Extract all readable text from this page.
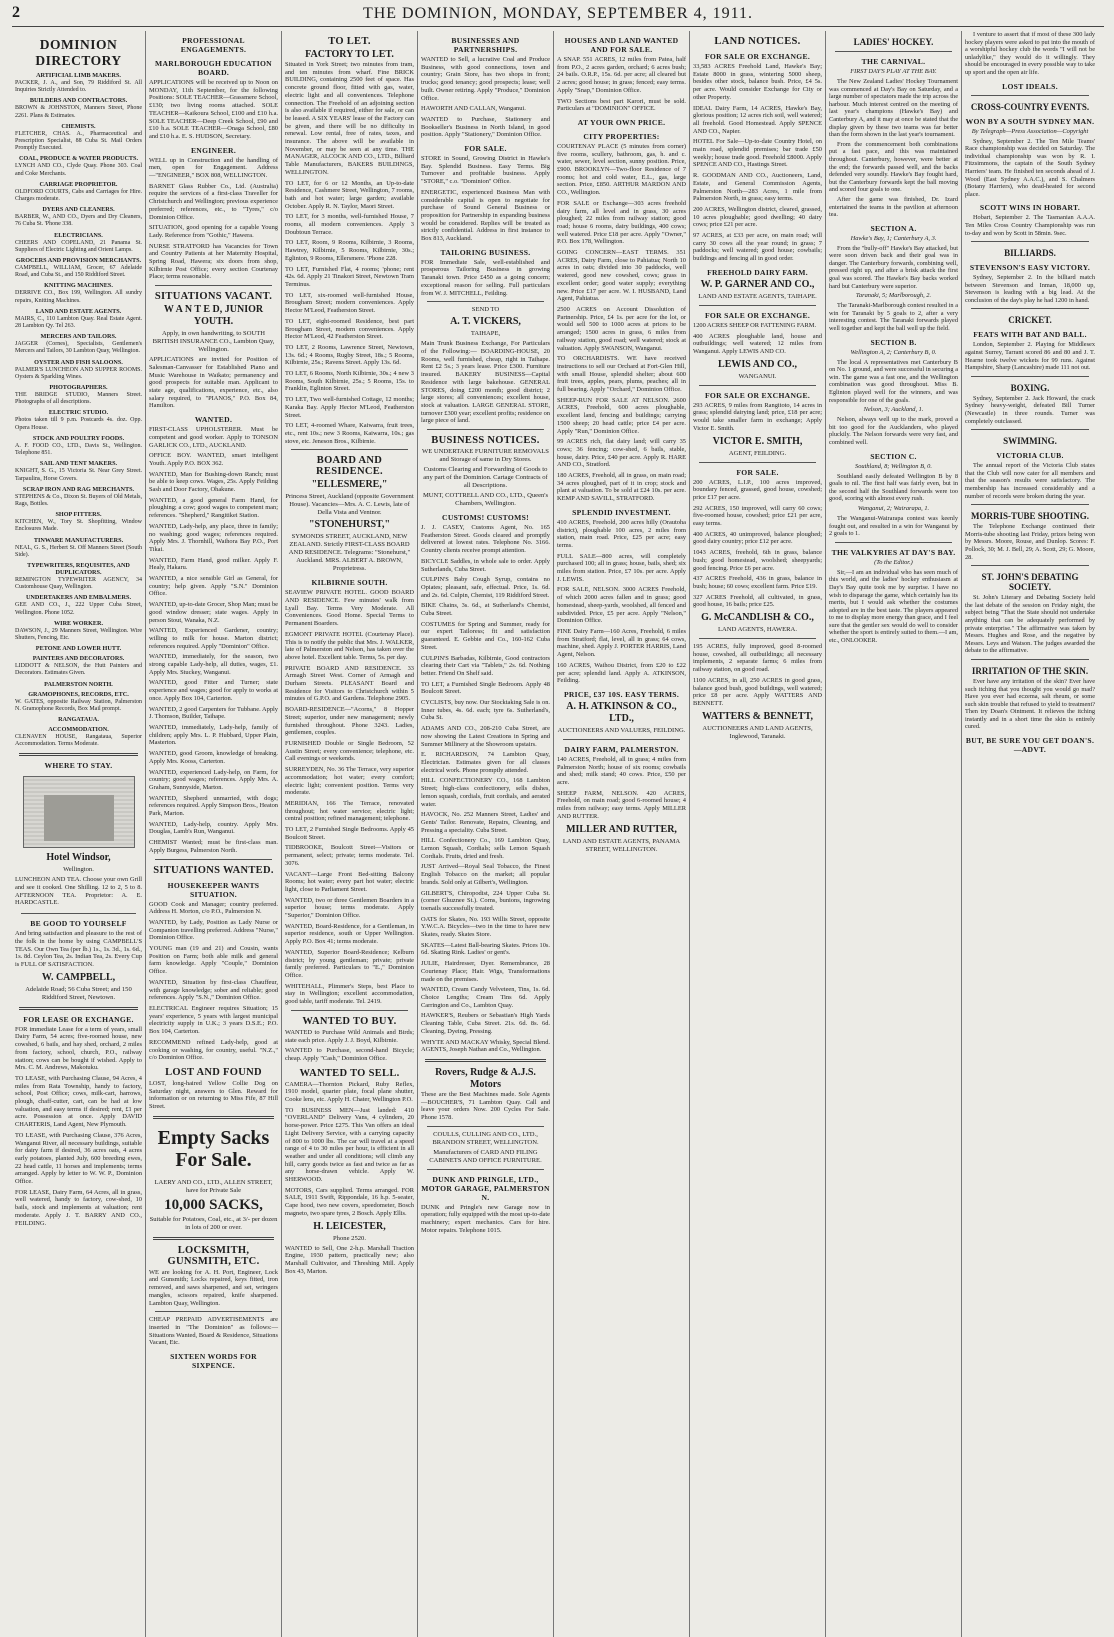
2	THE DOMINION, MONDAY, SEPTEMBER 4, 1911.
DOMINION DIRECTORY
ARTIFICIAL LIMB MAKERS.
PACKER, J. A., and Son, 79 Riddiford St. All Inquiries Strictly Attended to.
BUILDERS AND CONTRACTORS.
BROWN & JOHNSTON, Manners Street, Phone 2261. Plans & Estimates.
CHEMISTS.
FLETCHER, CHAS. A., Pharmaceutical and Prescription Specialist, 88 Cuba St. Mail Orders Promptly Executed.
COAL, PRODUCE & WATER PRODUCTS.
LYNCH AND CO., Clyde Quay. Phone 303. Coal and Coke Merchants.
CARRIAGE PROPRIETOR.
OLDFORD COURTS, Cabs and Carriages for Hire. Charges moderate.
DYERS AND CLEANERS.
BARBER, W., AND CO., Dyers and Dry Cleaners, 76 Cuba St. 'Phone 338.
ELECTRICIANS.
CHEERS AND COPELAND, 21 Panama St. Suppliers of Electric Lighting and Orient Lamps.
GROCERS AND PROVISION MERCHANTS.
CAMPBELL, WILLIAM, Grocer, 67 Adelaide Road, and Cuba St., and 150 Riddiford Street.
KNITTING MACHINES.
DERRIVE CO., Box 199, Wellington. All sundry repairs, Knitting Machines.
LAND AND ESTATE AGENTS.
MAIRS, C., 110 Lambton Quay. Real Estate Agent. 28 Lambton Qy. Tel 263.
MERCERS AND TAILORS.
JAGGER (Cornes), Specialists, Gentlemen's Mercers and Tailors, 30 Lambton Quay, Wellington.
OYSTER AND FISH SALOONS.
PALMER'S LUNCHEON AND SUPPER ROOMS. Oysters & Sparkling Wines.
PHOTOGRAPHERS.
THE BRIDGE STUDIO, Manners Street. Photographs of all descriptions.
ELECTRIC STUDIO.
Photos taken till 9 p.m. Postcards 4s. doz. Opp. Opera House.
STOCK AND POULTRY FOODS.
A. F. FOOD CO., LTD., Davis St., Wellington. Telephone 851.
SAIL AND TENT MAKERS.
KNIGHT, S. G., 15 Victoria St. Near Grey Street. Tarpaulins, Horse Covers.
SCRAP IRON AND RAG MERCHANTS.
STEPHENS & Co., Dixon St. Buyers of Old Metals, Rags, Bottles.
SHOP FITTERS.
KITCHEN, W., Tory St. Shopfitting, Window Enclosures Made.
TINWARE MANUFACTURERS.
NEAL, G. S., Herbert St. Off Manners Street (South Side).
TYPEWRITERS, REQUISITES, AND DUPLICATORS.
REMINGTON TYPEWRITER AGENCY, 34 Customhouse Quay, Wellington.
UNDERTAKERS AND EMBALMERS.
GEE AND CO., J., 222 Upper Cuba Street, Wellington. Phone 1052.
WIRE WORKER.
DAWSON, J., 29 Manners Street, Wellington. Wire Shutters, Fencing, Etc.
PETONE AND LOWER HUTT.
PAINTERS AND DECORATORS.
LIDDOTT & NELSON, the Hutt Painters and Decorators. Estimates Given.
PALMERSTON NORTH.
GRAMOPHONES, RECORDS, ETC.
W. GATES, opposite Railway Station, Palmerston N. Gramophone Records, Box Mail prompt.
RANGATAUA.
ACCOMMODATION.
CLENAVEN HOUSE, Rangataua, Superior Accommodation. Terms Moderate.
WHERE TO STAY.
Hotel Windsor,
Wellington.
LUNCHEON AND TEA. Choose your own Grill and see it cooked. One Shilling. 12 to 2, 5 to 8. AFTERNOON TEA. Proprietor: A. E. HARDCASTLE.
BE GOOD TO YOURSELF
And bring satisfaction and pleasure to the rest of the folk in the home by using CAMPBELL'S TEAS. Our Own Tea (per lb.) 1s., 1s. 3d., 1s. 6d., 1s. 8d. Ceylon Tea, 2s. Indian Tea, 2s. Every Cup is FULL OF SATISFACTION.
W. CAMPBELL,
Adelaide Road; 56 Cuba Street; and 150 Riddiford Street, Newtown.
FOR LEASE OR EXCHANGE.

FOR immediate Lease for a term of years, small Dairy Farm, 54 acres; five-roomed house, new cowshed, 6 bails, and hay shed, orchard, 2 miles from factory, school, church, P.O., railway station; cows can be bought if wished. Apply to Mrs. C. M. Andrews, Makotuku.

TO LEASE, with Purchasing Clause, 94 Acres, 4 miles from Rata Township, handy to factory, school, Post Office; cows, milk-cart, harrows, plough, chaff-cutter, cart, can be had at low valuation, and easy terms if desired; rent, £1 per acre. Possession at once. Apply DAVID CHARTERIS, Land Agent, New Plymouth.

TO LEASE, with Purchasing Clause, 376 Acres, Wanganui River, all necessary buildings, suitable for dairy farm if desired, 36 acres oats, 4 acres early potatoes, planted July, 600 breeding ewes, 22 head cattle, 11 horses and implements; terms arranged. Apply by letter to W. W. P., Dominion Office.

FOR LEASE, Dairy Farm, 64 Acres, all in grass, well watered, handy to factory, cow-shed, 10 bails, stock and implements at valuation; rent moderate. Apply J. T. BARRY AND CO., FEILDING.

PROFESSIONAL ENGAGEMENTS.
MARLBOROUGH EDUCATION BOARD.

APPLICATIONS will be received up to Noon on MONDAY, 11th September, for the following Positions: SOLE TEACHER—Grassmere School, £130; two living rooms attached. SOLE TEACHER—Kaikoura School, £100 and £10 h.a. SOLE TEACHER—Deep Creek School, £90 and £10 h.a. SOLE TEACHER—Onaga School, £80 and £10 h.a. E. S. HUDSON, Secretary.

ENGINEER.

WELL up in Construction and the handling of men, open for Engagement. Address—"ENGINEER," BOX 808, WELLINGTON.

BARNET Glass Rubber Co., Ltd. (Australia) require the services of a first-class Traveller for Christchurch and Wellington; previous experience preferred; references, etc., to "Tyres," c/o Dominion Office.

SITUATION, good opening for a capable Young Lady. Reference from "Gothic," Hawera.

NURSE STRATFORD has Vacancies for Town and Country Patients at her Maternity Hospital, Spring Road, Hawera; six doors from shop, Kilbirnie Post Office; every section Courtenay Place; terms reasonable.

SITUATIONS VACANT.
W A N T E D, JUNIOR YOUTH.

Apply, in own handwriting, to SOUTH BRITISH INSURANCE CO., Lambton Quay, Wellington.

APPLICATIONS are invited for Position of Salesman-Canvasser for Established Piano and Music Warehouse in Waikato; permanency and good prospects for suitable man. Applicant to state age, qualifications, experience, etc., also salary required, to "PIANOS," P.O. Box 84, Hamilton.

WANTED.

FIRST-CLASS UPHOLSTERER. Must be competent and good worker. Apply to TONSON GARLICK CO., LTD., AUCKLAND.

OFFICE BOY. WANTED, smart intelligent Youth. Apply P.O. BOX 362.

WANTED, Man for Bushing-down Ranch; must be able to keep cows. Wages, 25s. Apply Feilding Sash and Door Factory, Ohakune.

WANTED, a good general Farm Hand, for ploughing; a cow; good wages to competent man; references. "Shepherd," Rangitikei Station.

WANTED, Lady-help, any place, three in family; no washing; good wages; references required. Apply Mrs. J. Thornhill, Waihora Bay P.O., Port Tikai.

WANTED, Farm Hand, good milker. Apply F. Healy, Hakaru.

WANTED, a nice sensible Girl as General, for country; help given. Apply "S.N." Dominion Office.

WANTED, up-to-date Grocer, Shop Man; must be good window dresser; state wages. Apply in person Stout, Wanaka, N.Z.

WANTED, Experienced Gardener, country; willing to milk for house. Marton district; references required. Apply "Dominion" Office.

WANTED, immediately, for the season, two strong capable Lady-help, all duties, wages, £1. Apply Mrs. Stuckey, Wanganui.

WANTED, good Fitter and Turner; state experience and wages; good for apply to works at once. Apply Box 104, Carterton.

WANTED, 2 good Carpenters for Tubbane. Apply J. Thomson, Builder, Taihape.

WANTED, immediately, Lady-help, family of children; apply Mrs. L. P. Hubbard, Upper Plain, Masterton.

WANTED, good Groom, knowledge of breaking. Apply Mrs. Kooss, Carterton.

WANTED, experienced Lady-help, on Farm, for country; good wages; references. Apply Mrs. A. Graham, Sunnyside, Marton.

WANTED, Shepherd unmarried, with dogs; references required. Apply Simpson Bros., Heaton Park, Marton.

WANTED, Lady-help, country. Apply Mrs. Douglas, Lamb's Run, Wanganui.

CHEMIST Wanted; must be first-class man. Apply Burgess, Palmerston North.

SITUATIONS WANTED.
HOUSEKEEPER WANTS SITUATION.

GOOD Cook and Manager; country preferred. Address H. Morton, c/o P.O., Palmerston N.

WANTED, by Lady, Position as Lady Nurse or Companion travelling preferred. Address "Nurse," Dominion Office.

YOUNG man (19 and 21) and Cousin, wants Position on Farm; both able milk and general farm knowledge. Apply "Couple," Dominion Office.

WANTED, Situation by first-class Chauffeur, with garage knowledge; sober and reliable; good references. Apply "S.N.," Dominion Office.

ELECTRICAL Engineer requires Situation; 15 years' experience, 5 years with largest municipal electricity supply in U.K.; 3 years D.S.E.; P.O. Box 104, Carterton.

RECOMMEND refined Lady-help, good at cooking or washing, for country, useful. "N.Z.," c/o Dominion Office.

LOST AND FOUND

LOST, long-haired Yellow Collie Dog on Saturday night, answers to Glen. Reward for information or on returning to Miss Fife, 87 Hill Street.

Empty Sacks For Sale.

LAERY AND CO., LTD., ALLEN STREET, have for Private Sale

10,000 SACKS,

Suitable for Potatoes, Coal, etc., at 3/- per dozen in lots of 200 or over.

LOCKSMITH, GUNSMITH, ETC.

WE are looking for A. H. Port, Engineer, Lock and Gunsmith; Locks repaired, keys fitted, iron removed, and saws sharpened, and set, wringers mangles, scissors repaired, knife sharpened. Lambton Quay, Wellington.

CHEAP PREPAID ADVERTISEMENTS are inserted in "The Dominion" as follows:— Situations Wanted, Board & Residence, Situations Vacant, Etc.

SIXTEEN WORDS FOR SIXPENCE.
TO LET.
FACTORY TO LET.

Situated in York Street; two minutes from tram, and ten minutes from wharf. Fine BRICK BUILDING, containing 2500 feet of space. Has concrete ground floor, fitted with gas, water, electric light and all conveniences. Telephone connection. The Freehold of an adjoining section is also available if required, either for sale, or can be leased. A SIX YEARS' lease of the Factory can be given, and there will be no difficulty in renewal. Low rental, free of rates, taxes, and insurance. The above will be available in November, or may be seen at any time. THE MANAGER, ALCOCK AND CO., LTD., Billiard Table Manufacturers, BAKERS BUILDINGS, WELLINGTON.

TO LET, for 6 or 12 Months, an Up-to-date Residence, Cashmere Street, Wellington, 7 rooms, bath and hot water; large garden; available October. Apply R. N. Taylor, Maori Street.

TO LET, for 3 months, well-furnished House, 7 rooms, all modern conveniences. Apply 3 Doubtoun Terrace.

TO LET, Room, 9 Rooms, Kilbirnie, 3 Rooms, Hawtrey, Kilbirnie, 5 Rooms, Kilbirnie, 30s.; Eglinton, 9 Rooms, Ellersmere. 'Phone 228.

TO LET, Furnished Flat, 4 rooms; 'phone; rent 42s. 6d. Apply 21 Tinakori Street, Newtown Tram Terminus.

TO LET, six-roomed well-furnished House, Brougham Street; modern conveniences. Apply Hector M'Leod, Featherston Street.

TO LET, eight-roomed Residence, best part Brougham Street, modern conveniences. Apply Hector M'Leod, 42 Featherston Street.

TO LET, 2 Rooms, Lawrence Street, Newtown, 13s. 6d.; 4 Rooms, Rugby Street, 18s.; 5 Rooms, Kilbirnie, 25s.; Ravens Street. Apply 13s. 6d.

TO LET, 6 Rooms, North Kilbirnie, 30s.; 4 new 3 Rooms, South Kilbirnie, 25s.; 5 Rooms, 15s. to Franklin, Eglinton Street.

TO LET, Two well-furnished Cottage, 12 months; Karaka Bay. Apply Hector M'Leod, Featherston Street.

TO LET, 4-roomed Whare, Kaiwarra, fruit trees, etc., rent 10s.; new 3 Rooms, Kaiwarra, 10s.; gas stove, etc. Jeneson Bros., Kilbirnie.

BOARD AND RESIDENCE.
"ELLESMERE,"

Princess Street, Auckland (opposite Government House). Vacancies—Mrs. A. C. Lewis, late of Della Vista and Ventnor.

"STONEHURST,"

SYMONDS STREET, AUCKLAND, NEW ZEALAND. Strictly FIRST-CLASS BOARD AND RESIDENCE. Telegrams: "Stonehurst," Auckland. MRS. ALBERT A. BROWN, Proprietress.

KILBIRNIE SOUTH.

SEAVIEW PRIVATE HOTEL. GOOD BOARD AND RESIDENCE. Few minutes' walk from Lyall Bay. Terms Very Moderate. All Conveniences. Good Home. Special Terms to Permanent Boarders.

EGMONT PRIVATE HOTEL (Courtenay Place). This is to notify the public that Mrs. J. WALKER, late of Palmerston and Nelson, has taken over the above hotel. Excellent table. Terms, 5s. per day.

PRIVATE BOARD AND RESIDENCE. 33 Armagh Street West. Corner of Armagh and Durham Streets. PLEASANT Board and Residence for Visitors to Christchurch within 5 minutes of G.P.O. and Gardens. Telephone 2905.

BOARD-RESIDENCE—"Acorns," 8 Hopper Street; superior, under new management; newly furnished throughout. Phone 3243. Ladies, gentlemen, couples.

FURNISHED Double or Single Bedroom, 52 Austin Street; every convenience; telephone, etc. Call evenings or weekends.

SURREYDEN, No. 36 The Terrace, very superior accommodation; hot water; every comfort; electric light; convenient position. Terms very moderate.

MERIDIAN, 166 The Terrace, renovated throughout; hot water service; electric light; central position; refined management; telephone.

TO LET, 2 Furnished Single Bedrooms. Apply 45 Boulcott Street.

TIDBROOKE, Boulcott Street—Visitors or permanent, select; private; terms moderate. Tel. 3076.

VACANT—Large Front Bed-sitting Balcony Rooms; hot water; every part hot water; electric light, close to Parliament Street.

WANTED, two or three Gentlemen Boarders in a superior house; terms moderate. Apply "Superior," Dominion Office.

WANTED, Board-Residence, for a Gentleman, in superior residence, south or Upper Wellington. Apply P.O. Box 41; terms moderate.

WANTED, Superior Board-Residence; Kelburn district; by young gentleman; private; private family preferred. Particulars to "E.," Dominion Office.

WHITEHALL, Plimmer's Steps, best Place to stay in Wellington; excellent accommodation, good table, tariff moderate. Tel. 2419.

WANTED TO BUY.

WANTED to Purchase Wild Animals and Birds; state each price. Apply J. J. Boyd, Kilbirnie.

WANTED to Purchase, second-hand Bicycle; cheap. Apply "Cash," Dominion Office.

WANTED TO SELL.

CAMERA—Thornton Pickard, Ruby Reflex, 1910 model, quarter plate, focal plane shutter, Cooke lens, etc. Apply H. Chater, Wellington P.O.

TO BUSINESS MEN—Just landed: 410 "OVERLAND" Delivery Vans, 4 cylinders, 20 horse-power. Price £275. This Van offers an ideal Light Delivery Service, with a carrying capacity of 800 to 1000 lbs. The car will travel at a speed range of 4 to 30 miles per hour, is efficient in all weather and under all conditions; will climb any hill, carry goods twice as fast and twice as far as any horse-drawn vehicle. Apply W. SHERWOOD.

MOTORS, Cars supplied. Terms arranged. FOR SALE, 1911 Swift, Rippondale, 16 h.p. 5-seater, Cape hood, two new covers, speedometer, Bosch magneto, two spare tyres, 2 Bosch. Apply Ellis.

H. LEICESTER,

Phone 2520.

WANTED to Sell, One 2-h.p. Marshall Traction Engine, 1930 pattern, practically new; also Marshall Cultivator, and Threshing Mill. Apply Box 43, Marton.

BUSINESSES AND PARTNERSHIPS.

WANTED to Sell, a lucrative Coal and Produce Business, with good connections, town and country; Grain Store, has two shops in front; trucks; good tenancy; good prospects; lease; well built. Owner retiring. Apply "Produce," Dominion Office.

HAWORTH AND CALLAN, Wanganui.

WANTED to Purchase, Stationery and Bookseller's Business in North Island, in good position. Apply "Stationery," Dominion Office.

FOR SALE.

STORE in Sound, Growing District in Hawke's Bay. Splendid Business. Easy Terms. Big Turnover and profitable business. Apply "STORE," c.o. "Dominion" Office.

ENERGETIC, experienced Business Man with considerable capital is open to negotiate for purchase of Sound General Business or proposition for Partnership in expanding business would be considered. Replies will be treated as strictly confidential. Address in first instance to Box 813, Auckland.

TAILORING BUSINESS.

FOR Immediate Sale, well-established and prosperous Tailoring Business in growing Taranaki town. Price £450 as a going concern; exceptional reason for selling. Full particulars from W. J. MITCHELL, Feilding.

SEND TO
A. T. VICKERS,
TAIHAPE,

Main Trunk Business Exchange, For Particulars of the Following:— BOARDING-HOUSE, 20 Rooms, well furnished, cheap, right in Taihape. Rent £2 5s.; 3 years lease. Price £300. Furniture insured. BAKERY BUSINESS—Capital Residence with large bakehouse. GENERAL STORES, doing £200 month; good district; 2 large stores; all conveniences; excellent house, stock at valuation. LARGE GENERAL STORE, turnover £300 year; excellent profits; residence on large piece of land.

BUSINESS NOTICES.

WE UNDERTAKE FURNITURE REMOVALS and Storage of same in Dry Stores.

Customs Clearing and Forwarding of Goods to any part of the Dominion. Cartage Contracts of all Descriptions.

MUNT, COTTRELL AND CO., LTD., Queen's Chambers, Wellington.

CUSTOMS! CUSTOMS!

J. J. CASEY, Customs Agent, No. 165 Featherston Street. Goods cleared and promptly delivered at lowest rates. Telephone No. 3166. Country clients receive prompt attention.

BICYCLE Saddles, in whole sale to order. Apply Sutherlands, Cuba Street.

CULPIN'S Baby Cough Syrup, contains no Opiates; pleasant, safe, effectual. Price, 1s. 6d. and 2s. 6d. Culpin, Chemist, 119 Riddiford Street.

BIKE Chains, 3s. 6d., at Sutherland's Chemist, Cuba Street.

COSTUMES for Spring and Summer, ready for our expert Tailoress; fit and satisfaction guaranteed. E. Gebbie and Co., 160-162 Cuba Street.

CULPIN'S Barbadas, Kilbirnie, Good contractors clearing their Cart via "Tablets," 2s. 6d. Nothing better. Friend On Shelf said.

TO LET, a Furnished Single Bedroom. Apply 48 Boulcott Street.

CYCLISTS, buy now. Our Stocktaking Sale is on. Inner tubes, 4s. 6d. each; tyre 6s. Sutherland's, Cuba St.

ADAMS AND CO., 208-210 Cuba Street, are now showing the Latest Creations in Spring and Summer Millinery at the Showroom upstairs.

E. RICHARDSON, 74 Lambton Quay, Electrician. Estimates given for all classes electrical work. Phone promptly attended.

HILL CONFECTIONERY CO., 168 Lambton Street; high-class confectionery, sells dishes, lemon squash, cordials, fruit cordials, and aerated water.

HAVOCK, No. 252 Manners Street, Ladies' and Gents' Tailor. Renovate, Repairs, Cleaning, and Pressing a speciality. Cuba Street.

HILL Confectionery Co., 169 Lambton Quay, Lemon Squash, Cordials; sells Lemon Squash Cordials. Fruits, dried and fresh.

JUST Arrived—Royal Seal Tobacco, the Finest English Tobacco on the market; all popular brands. Sold only at Gilbert's, Wellington.

GILBERT'S, Chiropodist, 224 Upper Cuba St. (corner Ghuznee St.). Corns, bunions, ingrowing toenails successfully treated.

OATS for Skates, No. 193 Willis Street, opposite Y.W.C.A. Bicycles—two in the time to have new Skates, ready. Skates Store.

SKATES—Latest Ball-bearing Skates. Prices 10s. 6d. Skating Rink. Ladies' or gent's.

JULIE, Hairdresser, Dyer. Remembrance, 28 Courtenay Place; Hair. Wigs, Transformations made on the premises.

WANTED, Cream Candy Velveteen, Tins, 1s. 6d. Choice Lengths; Cream Tins 6d. Apply Carrington and Co., Lambton Quay.

HAWKER'S, Reubers or Sebastian's High Yards Cleaning Table, Cuba Street. 21s. 6d. 8s. 6d. Cleaning, Dyeing, Pressing.

WHYTE AND MACKAY Whisky, Special Blend. AGENTS, Joseph Nathan and Co., Wellington.

Rovers, Rudge & A.J.S. Motors

These are the Best Machines made. Sole Agents—BOUCHER'S, 71 Lambton Quay. Call and leave your orders Now. 200 Cycles For Sale. Phone 1578.

COULLS, CULLING AND CO., LTD., BRANDON STREET, WELLINGTON.

Manufacturers of CARD AND FILING CABINETS AND OFFICE FURNITURE.

DUNK AND PRINGLE, LTD., MOTOR GARAGE, PALMERSTON N.

DUNK and Pringle's new Garage now in operation; fully equipped with the most up-to-date machinery; expert mechanics. Cars for hire. Motor repairs. Telephone 1015.

HOUSES AND LAND WANTED AND FOR SALE.

A SNAP. 551 ACRES, 12 miles from Patea, half from P.O., 2 acres garden, orchard; 6 acres bush; 24 bails. O.R.P., 15s. 6d. per acre; all cleared but 2 acres; good house; in grass; fenced; easy terms. Apply "Snap," Dominion Office.

TWO Sections best part Karori, must be sold. Particulars at "DOMINION" OFFICE.

AT YOUR OWN PRICE.
CITY PROPERTIES:

COURTENAY PLACE (5 minutes from corner) five rooms, scullery, bathroom, gas, h. and c. water, sewer, level section, sunny position. Price, £900. BROOKLYN—Two-floor Residence of 7 rooms; hot and cold water, E.L., gas, large section. Price, £850. ARTHUR MARDON AND CO., Wellington.

FOR SALE or Exchange—303 acres freehold dairy farm, all level and in grass, 30 acres ploughed; 22 miles from railway station; good road; house 6 rooms, dairy buildings, 400 cows; well watered. Price £18 per acre. Apply "Owner," P.O. Box 178, Wellington.

GOING CONCERN—EAST TERMS. 351 ACRES, Dairy Farm, close to Pahiatua; North 10 acres in oats; divided into 30 paddocks, well watered, good new cowshed, cows; grass in excellent order; good water supply; everything new. Price £17 per acre. W. I. HUSBAND, Land Agent, Pahiatua.

2500 ACRES on Account Dissolution of Partnership. Price, £4 1s. per acre for the lot, or would sell 500 to 1000 acres at prices to be arranged; 1500 acres in grass, 6 miles from railway station, good road; well watered; stock at valuation. Apply SWANSON, Wanganui.

TO ORCHARDISTS. WE have received instructions to sell our Orchard at Fort-Glen Hill, with small House, splendid shelter; about 600 fruit trees, apples, pears, plums, peaches; all in full bearing. Apply "Orchard," Dominion Office.

SHEEP-RUN FOR SALE AT NELSON. 2600 ACRES, Freehold, 600 acres ploughable, excellent land, fencing and buildings; carrying 1500 sheep; 20 head cattle; price £4 per acre. Apply "Run," Dominion Office.

99 ACRES rich, flat dairy land; will carry 35 cows; 36 fencing; cow-shed, 6 bails, stable, house, dairy. Price, £40 per acre. Apply R. HARE AND CO., Stratford.

180 ACRES, Freehold, all in grass, on main road; 34 acres ploughed, part of it in crop; stock and plant at valuation. To be sold at £24 10s. per acre. KEMP AND SAVILL, STRATFORD.

SPLENDID INVESTMENT.

410 ACRES, Freehold, 200 acres hilly (Orautoha district), ploughable 100 acres, 2 miles from station, main road. Price, £25 per acre; easy terms.

FULL SALE—800 acres, will completely purchased 100; all in grass; house, bails, shed; six miles from station. Price, £7 10s. per acre. Apply J. LEWIS.

FOR SALE, NELSON. 3000 ACRES Freehold, of which 2000 acres fallen and in grass; good homestead, sheep-yards, woolshed, all fenced and subdivided. Price, £5 per acre. Apply "Nelson," Dominion Office.

FINE Dairy Farm—160 Acres, Freehold, 6 miles from Stratford; flat, level, all in grass; 64 cows, machine, shed. Apply J. PORTER HARRIS, Land Agent, Nelson.

160 ACRES, Waihou District, from £20 to £22 per acre; splendid land. Apply A. ATKINSON, Feilding.

PRICE, £37 10S. EASY TERMS.
A. H. ATKINSON & CO., LTD.,
AUCTIONEERS AND VALUERS, FEILDING.
DAIRY FARM, PALMERSTON.

140 ACRES, Freehold, all in grass; 4 miles from Palmerston North; house of six rooms; cowbails and shed; milk stand; 40 cows. Price, £50 per acre.

SHEEP FARM, NELSON. 420 ACRES, Freehold, on main road; good 6-roomed house; 4 miles from railway; easy terms. Apply MILLER AND RUTTER.

MILLER AND RUTTER,
LAND AND ESTATE AGENTS, PANAMA STREET, WELLINGTON.
LAND NOTICES.
FOR SALE OR EXCHANGE.

33,583 ACRES Freehold Land, Hawke's Bay; Estate 8000 in grass, wintering 5000 sheep, besides other stock, balance bush. Price, £4 5s. per acre. Would consider Exchange for City or other Property.

IDEAL Dairy Farm, 14 ACRES, Hawke's Bay, glorious position; 12 acres rich soil, well watered; all freehold. Good Homestead. Apply SPENCE AND CO., Napier.

HOTEL For Sale—Up-to-date Country Hotel, on main road, splendid premises; bar trade £50 weekly; house trade good. Freehold £8000. Apply SPENCE AND CO., Hastings Street.

R. GOODMAN AND CO., Auctioneers, Land, Estate, and General Commission Agents, Palmerston North—283 Acres, 1 mile from Palmerston North, in grass; easy terms.

200 ACRES, Wellington district, cleared, grassed, 10 acres ploughable; good dwelling; 40 dairy cows; price £21 per acre.

97 ACRES, at £33 per acre, on main road; will carry 30 cows all the year round; in grass; 7 paddocks; well watered; good house; cowbails; buildings and fencing all in good order.

FREEHOLD DAIRY FARM.
W. P. GARNER AND CO.,
LAND AND ESTATE AGENTS, TAIHAPE.
FOR SALE OR EXCHANGE.

1200 ACRES SHEEP OR FATTENING FARM.

400 ACRES ploughable land, house and outbuildings; well watered; 12 miles from Wanganui. Apply LEWIS AND CO.

LEWIS AND CO.,
WANGANUI.
FOR SALE OR EXCHANGE.

293 ACRES, 9 miles from Rangitoto, 14 acres in grass; splendid dairying land; price, £18 per acre; would take smaller farm in exchange; Apply Victor E. Smith.

VICTOR E. SMITH,
AGENT, FEILDING.
FOR SALE.

200 ACRES, L.I.P., 100 acres improved, boundary fenced, grassed, good house, cowshed; price £17 per acre.

292 ACRES, 150 improved, will carry 60 cows; five-roomed house, cowshed; price £21 per acre, easy terms.

400 ACRES, 40 unimproved, balance ploughed; good dairy country; price £12 per acre.

1043 ACRES, freehold, 6th in grass, balance bush; good homestead, woolshed; sheepyards; good fencing. Price £6 per acre.

437 ACRES Freehold, 436 in grass, balance in bush; house; 60 cows; excellent farm. Price £19.

327 ACRES Freehold, all cultivated, in grass, good house, 16 bails; price £25.

G. McCANDLISH & CO.,
LAND AGENTS, HAWERA.

195 ACRES, fully improved, good 8-roomed house, cowshed, all outbuildings; all necessary implements, 2 separate farms; 6 miles from railway station, on good road.

1100 ACRES, in all, 250 ACRES in good grass, balance good bush, good buildings, well watered; price £8 per acre. Apply WATTERS AND BENNETT.

WATTERS & BENNETT,
AUCTIONEERS AND LAND AGENTS, Inglewood, Taranaki.
LADIES' HOCKEY.
THE CARNIVAL.
FIRST DAY'S PLAY AT THE BAY.

The New Zealand Ladies' Hockey Tournament was commenced at Day's Bay on Saturday, and a large number of spectators made the trip across the harbour. Much interest centred on the meeting of last year's champions (Hawke's Bay) and Canterbury A, and it may at once be stated that the display given by these two teams was far better than the form shown in the last year's tournament.

From the commencement both combinations put a fast pace, and this was maintained throughout. Canterbury, however, were better at the end; the forwards passed well, and the backs defended very soundly. Hawke's Bay fought hard, but the Canterbury forwards kept the ball moving and scored four goals to one.

After the game was finished, Dr. Izard entertained the teams in the pavilion at afternoon tea.

SECTION A.
Hawke's Bay, 1; Canterbury A, 3.

From the "bully-off" Hawke's Bay attacked, but were soon driven back and their goal was in danger. The Canterbury forwards, combining well, pressed right up, and after a brisk attack the first goal was scored. The Hawke's Bay backs worked hard but Canterbury were superior.

Taranaki, 5; Marlborough, 2.

The Taranaki-Marlborough contest resulted in a win for Taranaki by 5 goals to 2, after a very interesting contest. The Taranaki forwards played well together and kept the ball well up the field.

SECTION B.
Wellington A, 2; Canterbury B, 0.

The local A representatives met Canterbury B on No. 1 ground, and were successful in securing a win. The game was a fast one, and the Wellington combination was good throughout. Miss B. Eglinton played well for the winners, and was responsible for one of the goals.

Nelson, 3; Auckland, 1.

Nelson, always well up to the mark, proved a bit too good for the Aucklanders, who played pluckily. The Nelson forwards were very fast, and combined well.

SECTION C.
Southland, 8; Wellington B, 0.

Southland easily defeated Wellington B by 8 goals to nil. The first half was fairly even, but in the second half the Southland forwards were too good, scoring with almost every rush.

Wanganui, 2; Wairarapa, 1.

The Wanganui-Wairarapa contest was keenly fought out, and resulted in a win for Wanganui by 2 goals to 1.

THE VALKYRIES AT DAY'S BAY.
(To the Editor.)

Sir,—I am an individual who has seen much of this world, and the ladies' hockey enthusiasm at Day's Bay quite took me by surprise. I have no wish to disparage the game, which certainly has its merits, but I would ask whether the costumes adopted are in the best taste. The players appeared to me to display more energy than grace, and I feel sure that the gentler sex would do well to consider whether the sport is entirely suited to them.—I am, etc., ONLOOKER.

I venture to assert that if most of these 300 lady hockey players were asked to put into the mouth of a worshipful hockey club the words "I will not be unladylike," they would do it willingly. They should be encouraged in every possible way to take up sport and the open air life.

LOST IDEALS.
CROSS-COUNTRY EVENTS.
WON BY A SOUTH SYDNEY MAN.
By Telegraph—Press Association—Copyright

Sydney, September 2. The Ten Mile Teams' Race championship was decided on Saturday. The individual championship was won by R. I. Fitzsimmons, the captain of the South Sydney Harriers' team. He finished ten seconds ahead of J. Wood (East Sydney A.A.C.), and S. Chalmers (Botany Harriers), who dead-heated for second place.

SCOTT WINS IN HOBART.

Hobart, September 2. The Tasmanian A.A.A. Ten Miles Cross Country Championship was run to-day and won by Scott in 58min. 9sec.

BILLIARDS.
STEVENSON'S EASY VICTORY.

Sydney, September 2. In the billiard match between Stevenson and Inman, 18,000 up, Stevenson is leading with a big lead. At the conclusion of the day's play he had 1200 in hand.

CRICKET.
FEATS WITH BAT AND BALL.

London, September 2. Playing for Middlesex against Surrey, Tarrant scored 86 and 80 and J. T. Hearne took twelve wickets for 99 runs. Against Hampshire, Sharp (Lancashire) made 111 not out.

BOXING.

Sydney, September 2. Jack Howard, the crack Sydney heavy-weight, defeated Bill Turner (Newcastle) in three rounds. Turner was completely outclassed.

SWIMMING.
VICTORIA CLUB.

The annual report of the Victoria Club states that the Club will now cater for all members and that the season's results were satisfactory. The membership has increased considerably and a number of records were broken during the year.

MORRIS-TUBE SHOOTING.

The Telephone Exchange continued their Morris-tube shooting last Friday, prizes being won by Messrs. Moore, Rouse, and Dunlop. Scores: F. Pollock, 30; M. J. Bell, 29; A. Scott, 29; G. Moore, 28.

ST. JOHN'S DEBATING SOCIETY.

St. John's Literary and Debating Society held the last debate of the session on Friday night, the subject being "That the State should not undertake anything that can be adequately performed by private enterprise." The affirmative was taken by Messrs. Hughes and Rose, and the negative by Messrs. Leys and Watson. The judges awarded the debate to the affirmative.

IRRITATION OF THE SKIN.

Ever have any irritation of the skin? Ever have such itching that you thought you would go mad? Have you ever had eczema, salt rheum, or some such skin trouble that refused to yield to treatment? Then try Doan's Ointment. It relieves the itching instantly and in a short time the skin is entirely cured.

BUT, BE SURE YOU GET DOAN'S.—ADVT.
